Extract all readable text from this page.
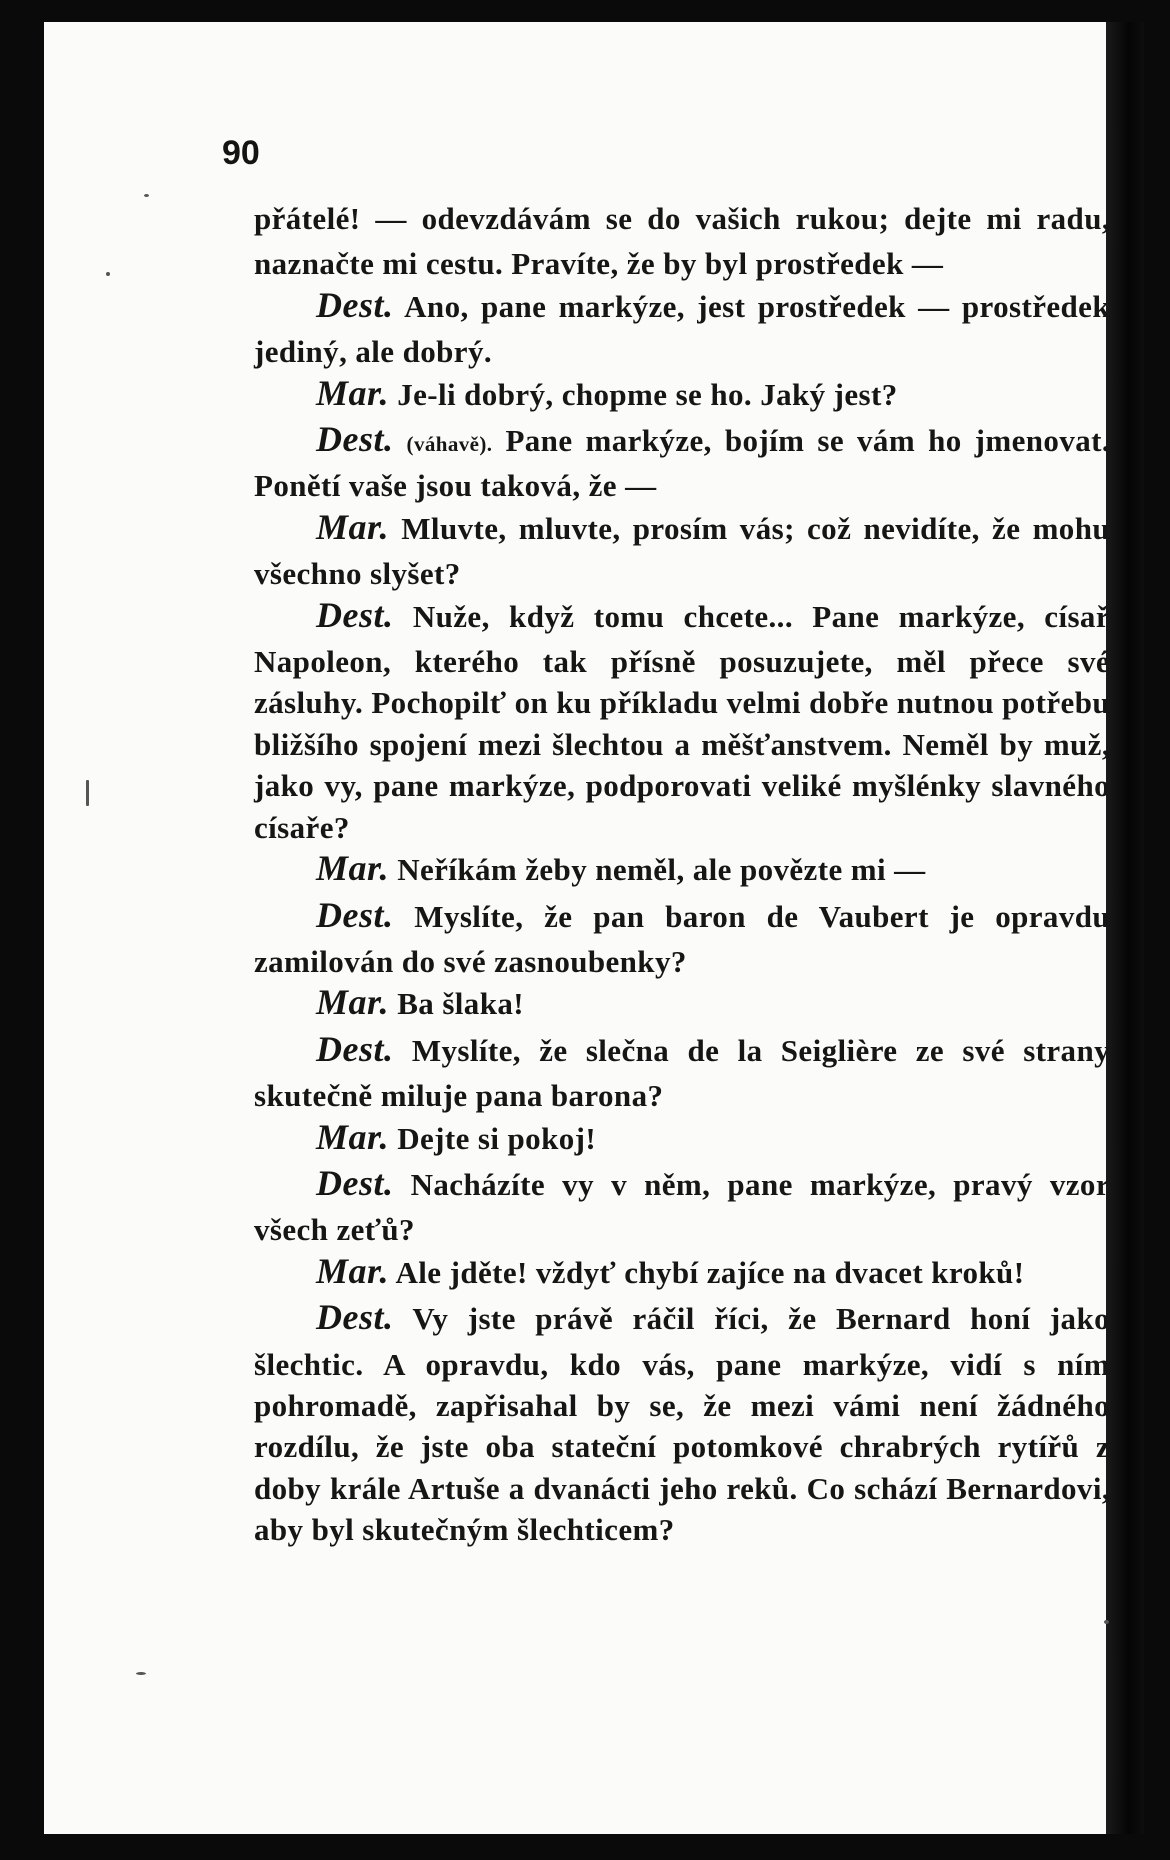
90

přátelé! — odevzdávám se do vašich rukou; dejte mi radu, naznačte mi cestu. Pravíte, že by byl prostředek —

Dest. Ano, pane markýze, jest prostředek — prostředek jediný, ale dobrý.

Mar. Je-li dobrý, chopme se ho. Jaký jest?

Dest. (váhavě). Pane markýze, bojím se vám ho jmenovat. Ponětí vaše jsou taková, že —

Mar. Mluvte, mluvte, prosím vás; což nevidíte, že mohu všechno slyšet?

Dest. Nuže, když tomu chcete... Pane markýze, císař Napoleon, kterého tak přísně posuzujete, měl přece své zásluhy. Pochopilť on ku příkladu velmi dobře nutnou potřebu bližšího spojení mezi šlechtou a měšťanstvem. Neměl by muž, jako vy, pane markýze, podporovati veliké myšlénky slavného císaře?

Mar. Neříkám žeby neměl, ale povězte mi —

Dest. Myslíte, že pan baron de Vaubert je opravdu zamilován do své zasnoubenky?

Mar. Ba šlaka!

Dest. Myslíte, že slečna de la Seiglière ze své strany skutečně miluje pana barona?

Mar. Dejte si pokoj!

Dest. Nacházíte vy v něm, pane markýze, pravý vzor všech zeťů?

Mar. Ale jděte! vždyť chybí zajíce na dvacet kroků!

Dest. Vy jste právě ráčil říci, že Bernard honí jako šlechtic. A opravdu, kdo vás, pane markýze, vidí s ním pohromadě, zapřisahal by se, že mezi vámi není žádného rozdílu, že jste oba stateční potomkové chrabrých rytířů z doby krále Artuše a dvanácti jeho reků. Co schází Bernardovi, aby byl skutečným šlechticem?
